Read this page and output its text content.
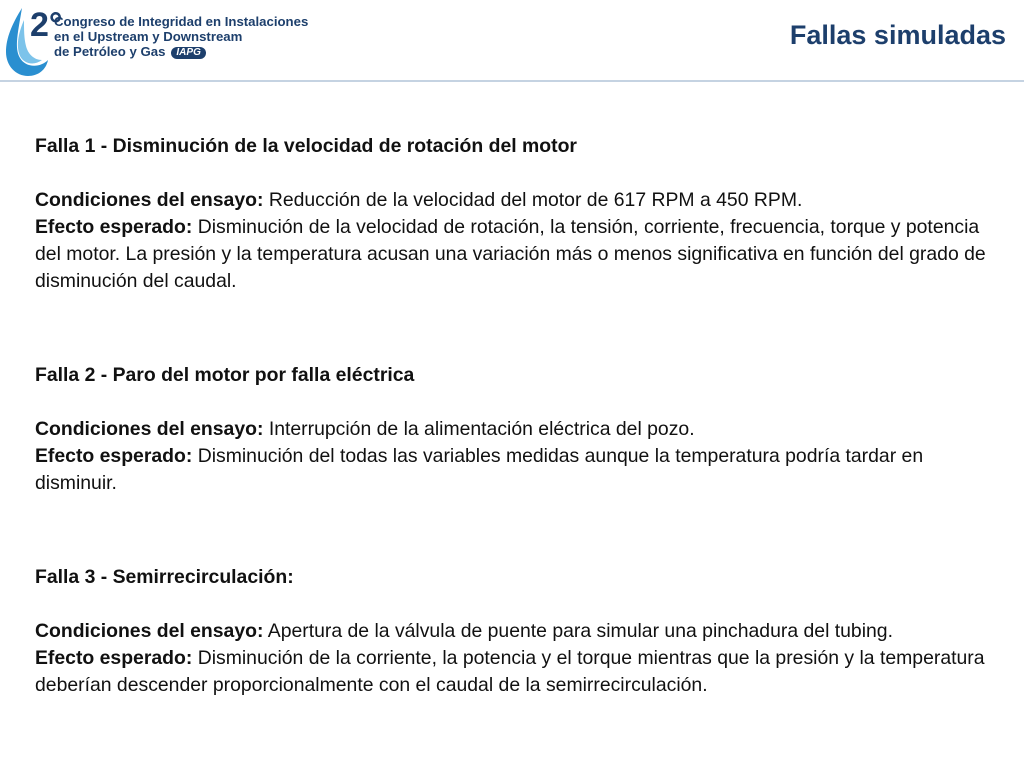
2°
Congreso de Integridad en Instalaciones
en el Upstream y Downstream
de Petróleo y Gas IAPG
Fallas simuladas

Falla 1 - Disminución de la velocidad de rotación del motor

Condiciones del ensayo: Reducción de la velocidad del motor de 617 RPM a 450 RPM.

Efecto esperado: Disminución de la velocidad de rotación, la tensión, corriente, frecuencia, torque y potencia del motor. La presión y la temperatura acusan una variación más o menos significativa en función del grado de disminución del caudal.

Falla 2 - Paro del motor por falla eléctrica

Condiciones del ensayo: Interrupción de la alimentación eléctrica del pozo.

Efecto esperado: Disminución del todas las variables medidas aunque la temperatura podría tardar en disminuir.

Falla 3 - Semirrecirculación:

Condiciones del ensayo: Apertura de la válvula de puente para simular una pinchadura del tubing.

Efecto esperado: Disminución de la corriente, la potencia y el torque mientras que la presión y la temperatura deberían descender proporcionalmente con el caudal de la semirrecirculación.
